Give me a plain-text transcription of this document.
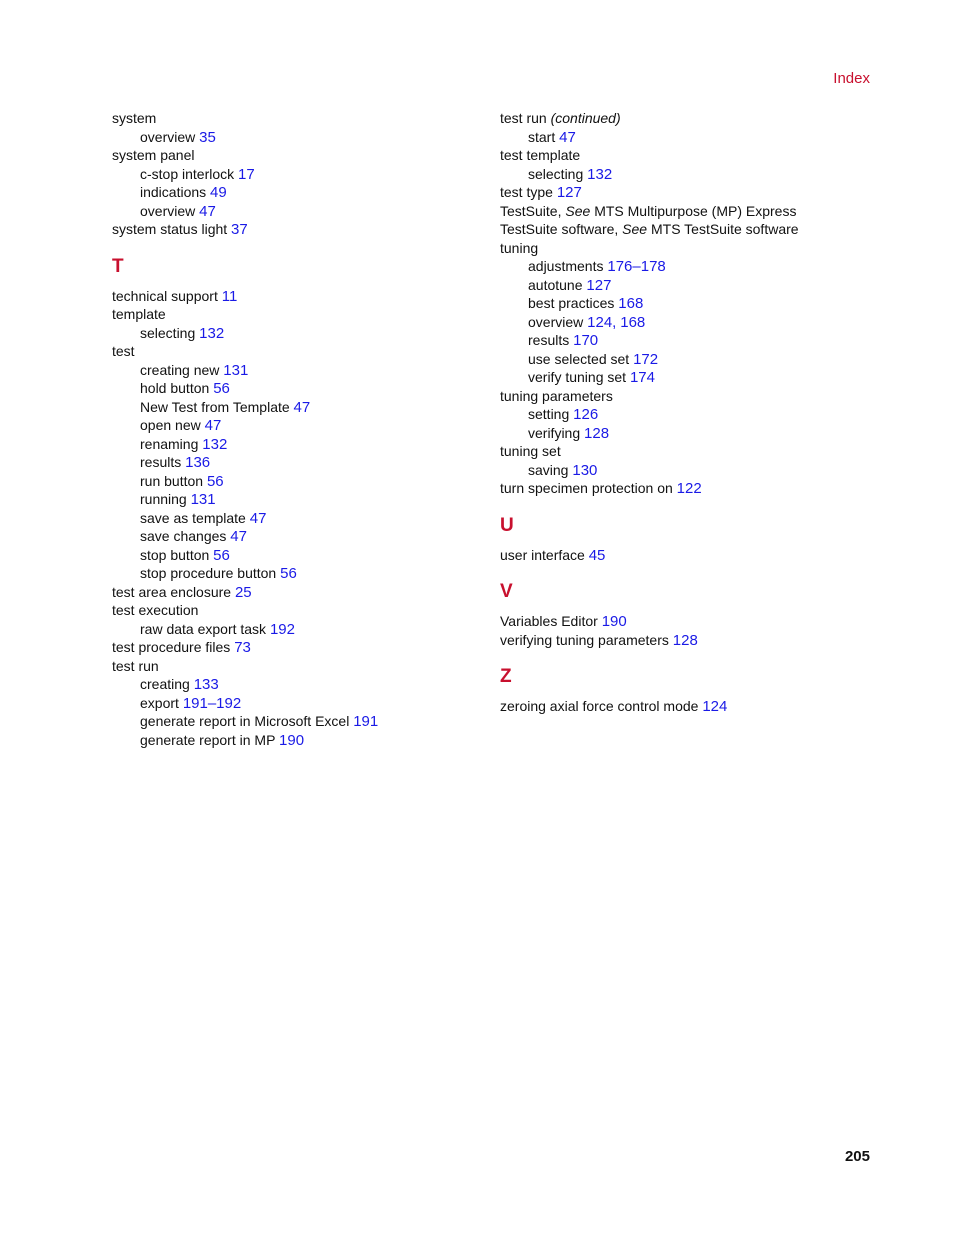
Index
system
overview 35
system panel
c-stop interlock 17
indications 49
overview 47
system status light 37
T
technical support 11
template
selecting 132
test
creating new 131
hold button 56
New Test from Template 47
open new 47
renaming 132
results 136
run button 56
running 131
save as template 47
save changes 47
stop button 56
stop procedure button 56
test area enclosure 25
test execution
raw data export task 192
test procedure files 73
test run
creating 133
export 191–192
generate report in Microsoft Excel 191
generate report in MP 190
test run (continued)
start 47
test template
selecting 132
test type 127
TestSuite, See MTS Multipurpose (MP) Express
TestSuite software, See MTS TestSuite software
tuning
adjustments 176–178
autotune 127
best practices 168
overview 124, 168
results 170
use selected set 172
verify tuning set 174
tuning parameters
setting 126
verifying 128
tuning set
saving 130
turn specimen protection on 122
U
user interface 45
V
Variables Editor 190
verifying tuning parameters 128
Z
zeroing axial force control mode 124
205
